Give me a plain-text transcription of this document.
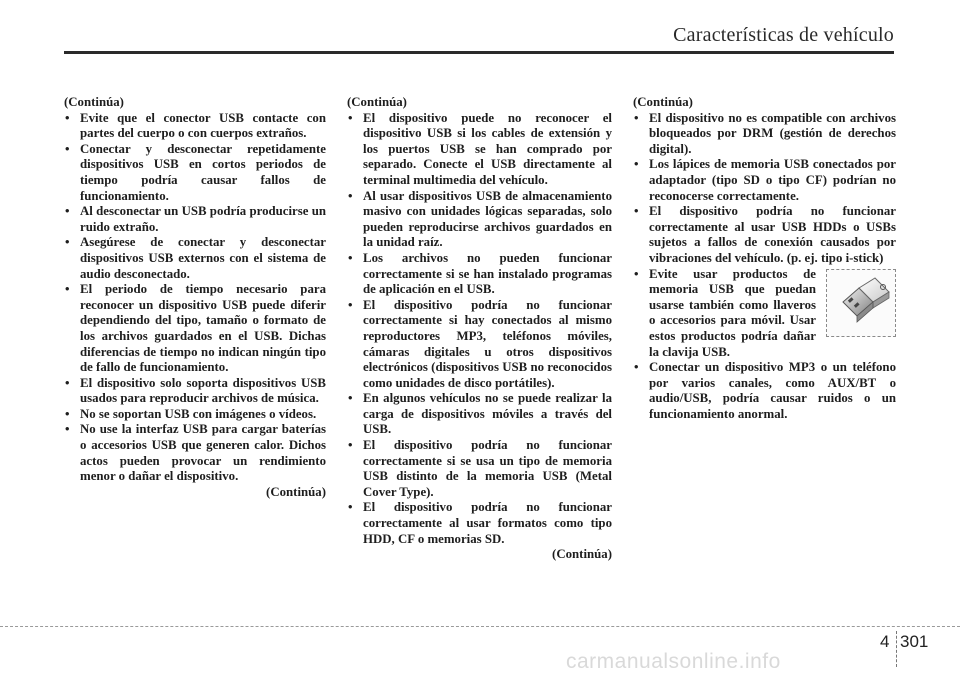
Características de vehículo
(Continúa)
• Evite que el conector USB contacte con partes del cuerpo o con cuerpos extraños.
• Conectar y desconectar repetidamente dispositivos USB en cortos periodos de tiempo podría causar fallos de funcionamiento.
• Al desconectar un USB podría producirse un ruido extraño.
• Asegúrese de conectar y desconectar dispositivos USB externos con el sistema de audio desconectado.
• El periodo de tiempo necesario para reconocer un dispositivo USB puede diferir dependiendo del tipo, tamaño o formato de los archivos guardados en el USB. Dichas diferencias de tiempo no indican ningún tipo de fallo de funcionamiento.
• El dispositivo solo soporta dispositivos USB usados para reproducir archivos de música.
• No se soportan USB con imágenes o vídeos.
• No use la interfaz USB para cargar baterías o accesorios USB que generen calor. Dichos actos pueden provocar un rendimiento menor o dañar el dispositivo.
(Continúa)
(Continúa)
• El dispositivo puede no reconocer el dispositivo USB si los cables de extensión y los puertos USB se han comprado por separado. Conecte el USB directamente al terminal multimedia del vehículo.
• Al usar dispositivos USB de almacenamiento masivo con unidades lógicas separadas, solo pueden reproducirse archivos guardados en la unidad raíz.
• Los archivos no pueden funcionar correctamente si se han instalado programas de aplicación en el USB.
• El dispositivo podría no funcionar correctamente si hay conectados al mismo reproductores MP3, teléfonos móviles, cámaras digitales u otros dispositivos electrónicos (dispositivos USB no reconocidos como unidades de disco portátiles).
• En algunos vehículos no se puede realizar la carga de dispositivos móviles a través del USB.
• El dispositivo podría no funcionar correctamente si se usa un tipo de memoria USB distinto de la memoria USB (Metal Cover Type).
• El dispositivo podría no funcionar correctamente al usar formatos como tipo HDD, CF o memorias SD.
(Continúa)
(Continúa)
• El dispositivo no es compatible con archivos bloqueados por DRM (gestión de derechos digital).
• Los lápices de memoria USB conectados por adaptador (tipo SD o tipo CF) podrían no reconocerse correctamente.
• El dispositivo podría no funcionar correctamente al usar USB HDDs o USBs sujetos a fallos de conexión causados por vibraciones del vehículo. (p. ej. tipo i-stick)
• Evite usar productos de memoria USB que puedan usarse también como llaveros o accesorios para móvil. Usar estos productos podría dañar la clavija USB.
• Conectar un dispositivo MP3 o un teléfono por varios canales, como AUX/BT o audio/USB, podría causar ruidos o un funcionamiento anormal.
4 301
carmanualsonline.info
